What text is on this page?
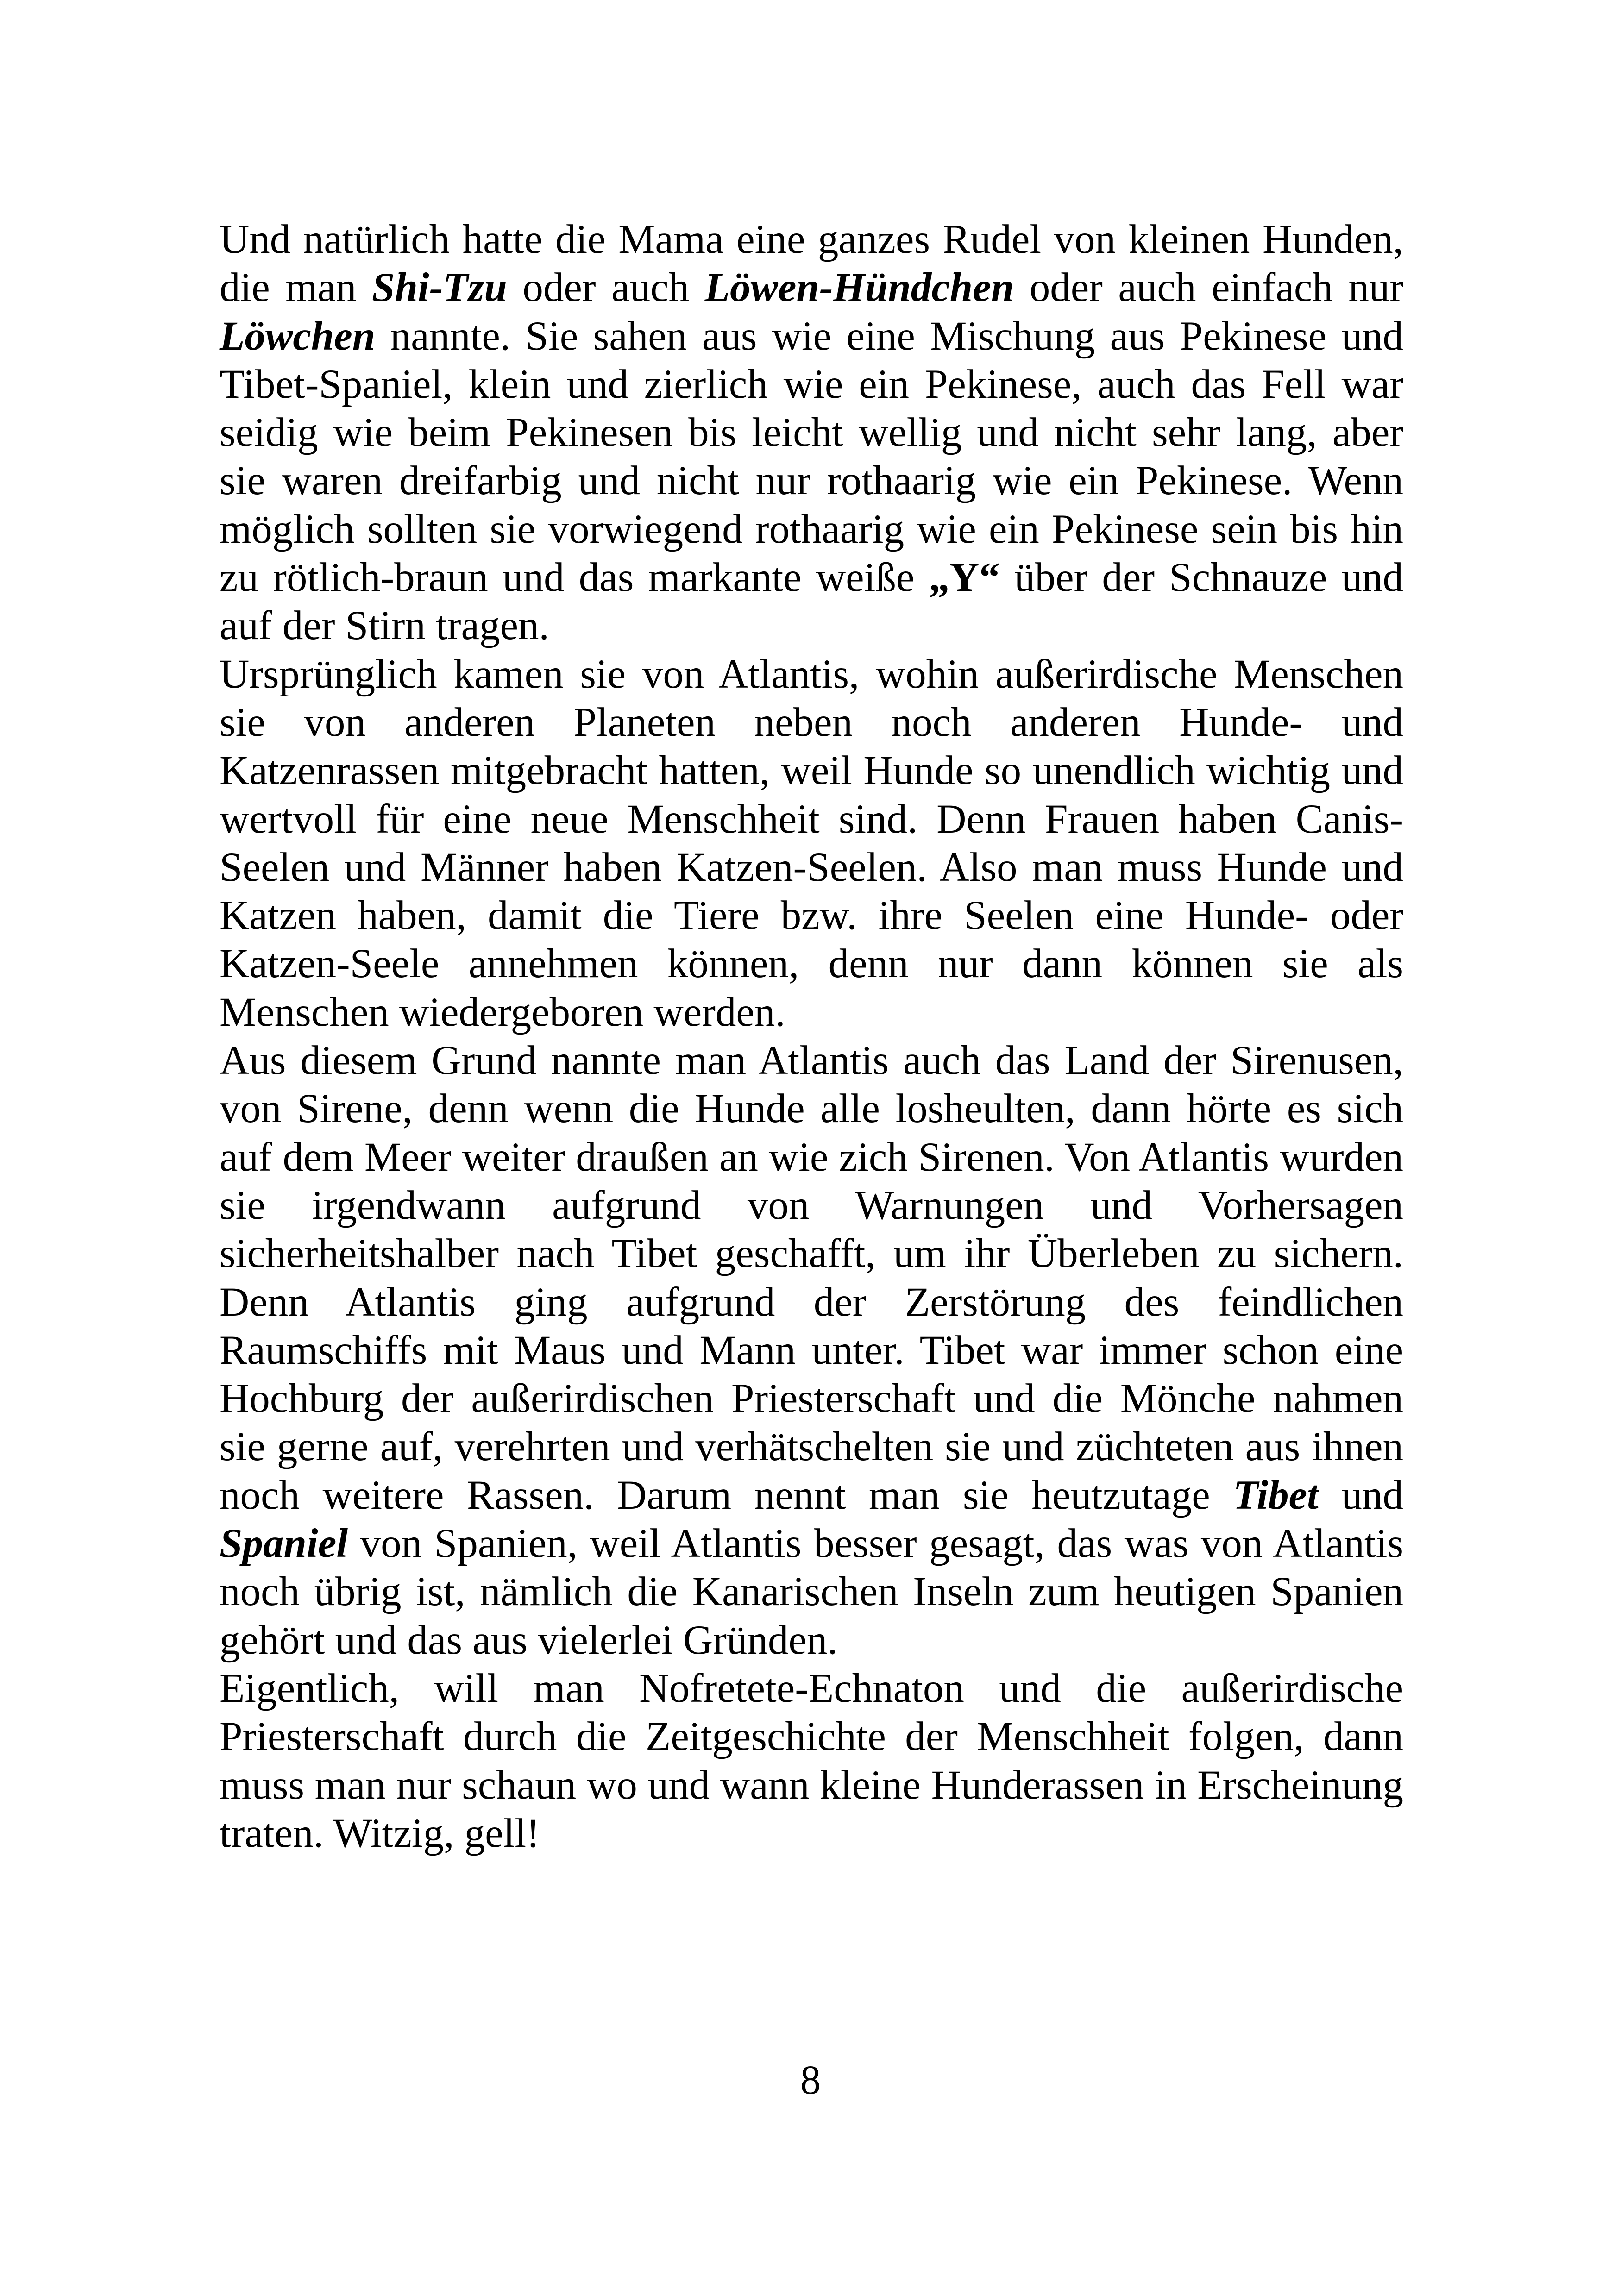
Und natürlich hatte die Mama eine ganzes Rudel von kleinen Hunden, die man Shi-Tzu oder auch Löwen-Hündchen oder auch einfach nur Löwchen nannte. Sie sahen aus wie eine Mischung aus Pekinese und Tibet-Spaniel, klein und zierlich wie ein Pekinese, auch das Fell war seidig wie beim Pekinesen bis leicht wellig und nicht sehr lang, aber sie waren dreifarbig und nicht nur rothaarig wie ein Pekinese. Wenn möglich sollten sie vorwiegend rothaarig wie ein Pekinese sein bis hin zu rötlich-braun und das markante weiße „Y“ über der Schnauze und auf der Stirn tragen.

Ursprünglich kamen sie von Atlantis, wohin außerirdische Menschen sie von anderen Planeten neben noch anderen Hunde- und Katzenrassen mitgebracht hatten, weil Hunde so unendlich wichtig und wertvoll für eine neue Menschheit sind. Denn Frauen haben Canis-Seelen und Männer haben Katzen-Seelen. Also man muss Hunde und Katzen haben, damit die Tiere bzw. ihre Seelen eine Hunde- oder Katzen-Seele annehmen können, denn nur dann können sie als Menschen wiedergeboren werden.

Aus diesem Grund nannte man Atlantis auch das Land der Sirenusen, von Sirene, denn wenn die Hunde alle losheulten, dann hörte es sich auf dem Meer weiter draußen an wie zich Sirenen. Von Atlantis wurden sie irgendwann aufgrund von Warnungen und Vorhersagen sicherheitshalber nach Tibet geschafft, um ihr Überleben zu sichern. Denn Atlantis ging aufgrund der Zerstörung des feindlichen Raumschiffs mit Maus und Mann unter. Tibet war immer schon eine Hochburg der außerirdischen Priesterschaft und die Mönche nahmen sie gerne auf, verehrten und verhätschelten sie und züchteten aus ihnen noch weitere Rassen. Darum nennt man sie heutzutage Tibet und Spaniel von Spanien, weil Atlantis besser gesagt, das was von Atlantis noch übrig ist, nämlich die Kanarischen Inseln zum heutigen Spanien gehört und das aus vielerlei Gründen.

Eigentlich, will man Nofretete-Echnaton und die außerirdische Priesterschaft durch die Zeitgeschichte der Menschheit folgen, dann muss man nur schaun wo und wann kleine Hunderassen in Erscheinung traten. Witzig, gell!

8
